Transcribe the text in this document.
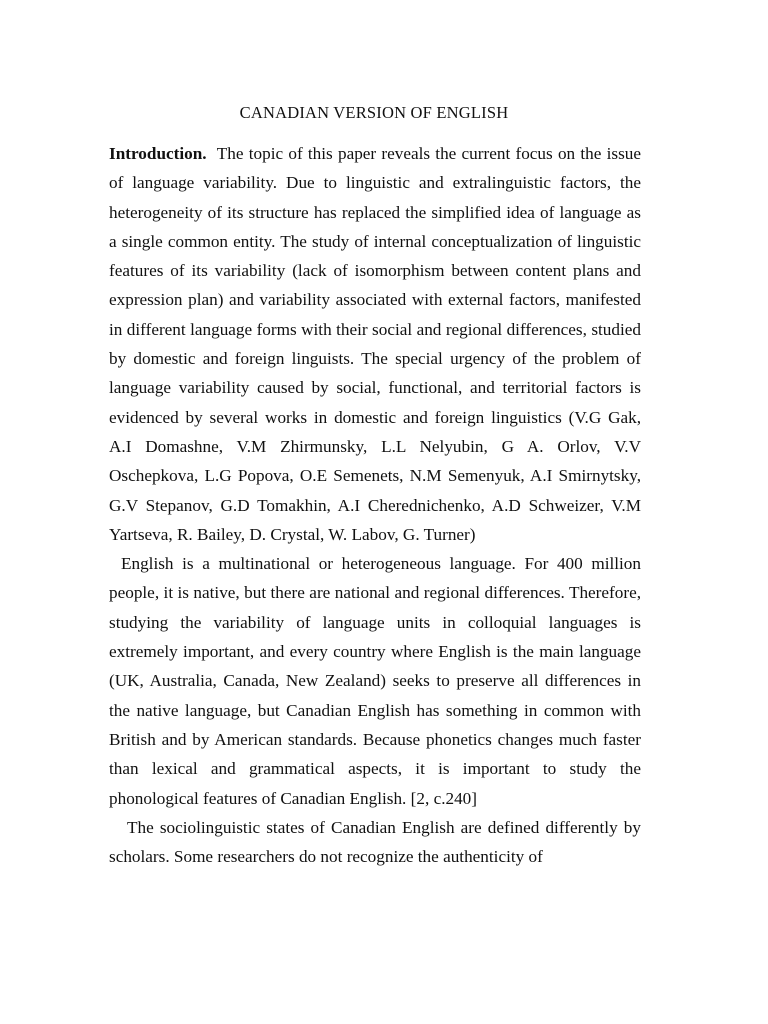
CANADIAN VERSION OF ENGLISH

Introduction. The topic of this paper reveals the current focus on the issue of language variability. Due to linguistic and extralinguistic factors, the heterogeneity of its structure has replaced the simplified idea of language as a single common entity. The study of internal conceptualization of linguistic features of its variability (lack of isomorphism between content plans and expression plan) and variability associated with external factors, manifested in different language forms with their social and regional differences, studied by domestic and foreign linguists. The special urgency of the problem of language variability caused by social, functional, and territorial factors is evidenced by several works in domestic and foreign linguistics (V.G Gak, A.I Domashne, V.M Zhirmunsky, L.L Nelyubin, G A. Orlov, V.V Oschepkova, L.G Popova, O.E Semenets, N.M Semenyuk, A.I Smirnytsky, G.V Stepanov, G.D Tomakhin, A.I Cherednichenko, A.D Schweizer, V.M Yartseva, R. Bailey, D. Crystal, W. Labov, G. Turner)

English is a multinational or heterogeneous language. For 400 million people, it is native, but there are national and regional differences. Therefore, studying the variability of language units in colloquial languages is extremely important, and every country where English is the main language (UK, Australia, Canada, New Zealand) seeks to preserve all differences in the native language, but Canadian English has something in common with British and by American standards. Because phonetics changes much faster than lexical and grammatical aspects, it is important to study the phonological features of Canadian English. [2, c.240]

The sociolinguistic states of Canadian English are defined differently by scholars. Some researchers do not recognize the authenticity of
